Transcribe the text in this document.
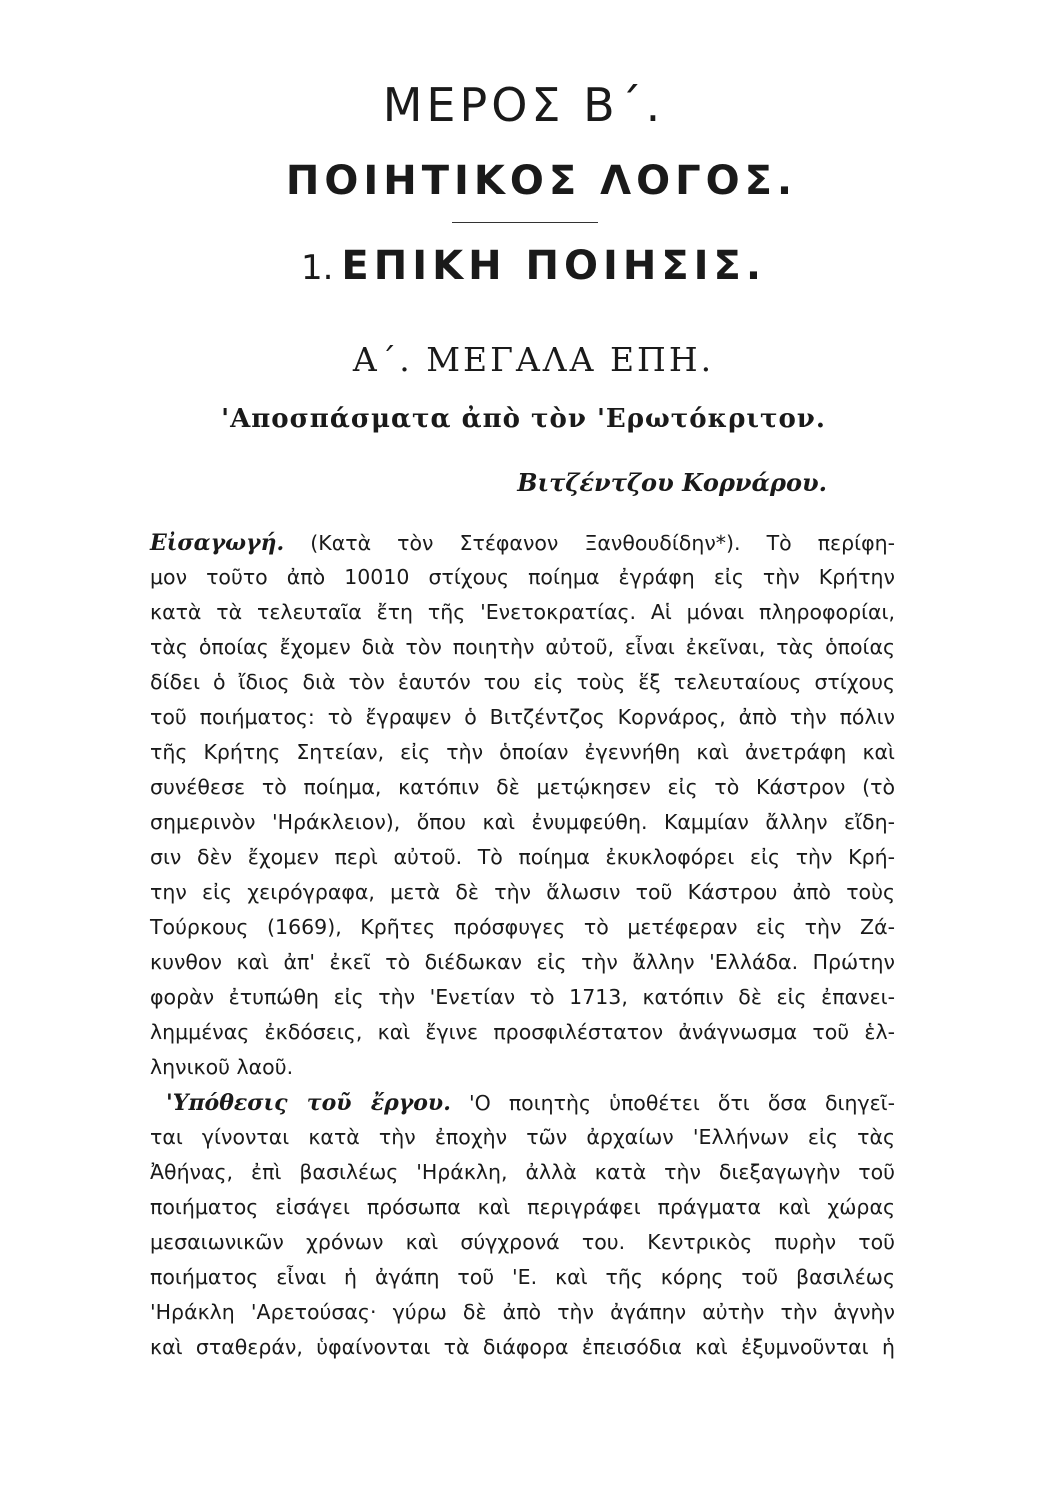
ΜΕΡΟΣ Β΄.
ΠΟΙΗΤΙΚΟΣ ΛΟΓΟΣ.
1. ΕΠΙΚΗ ΠΟΙΗΣΙΣ.
Α΄. ΜΕΓΑΛΑ ΕΠΗ.
'Αποσπάσματα ἀπὸ τὸν 'Ερωτόκριτον.
Βιτζέντζου Κορνάρου.
Εἰσαγωγή. (Κατὰ τὸν Στέφανον Ξανθουδίδην*). Τὸ περίφη-
μον τοῦτο ἀπὸ 10010 στίχους ποίημα ἐγράφη εἰς τὴν Κρήτην
κατὰ τὰ τελευταῖα ἔτη τῆς 'Ενετοκρατίας. Αἱ μόναι πληροφορίαι,
τὰς ὁποίας ἔχομεν διὰ τὸν ποιητὴν αὐτοῦ, εἶναι ἐκεῖναι, τὰς ὁποίας
δίδει ὁ ἴδιος διὰ τὸν ἑαυτόν του εἰς τοὺς ἕξ τελευταίους στίχους
τοῦ ποιήματος: τὸ ἔγραψεν ὁ Βιτζέντζος Κορνάρος, ἀπὸ τὴν πόλιν
τῆς Κρήτης Σητείαν, εἰς τὴν ὁποίαν ἐγεννήθη καὶ ἀνετράφη καὶ
συνέθεσε τὸ ποίημα, κατόπιν δὲ μετῴκησεν εἰς τὸ Κάστρον (τὸ
σημερινὸν 'Ηράκλειον), ὅπου καὶ ἐνυμφεύθη. Καμμίαν ἄλλην εἴδη-
σιν δὲν ἔχομεν περὶ αὐτοῦ. Τὸ ποίημα ἐκυκλοφόρει εἰς τὴν Κρή-
την εἰς χειρόγραφα, μετὰ δὲ τὴν ἅλωσιν τοῦ Κάστρου ἀπὸ τοὺς
Τούρκους (1669), Κρῆτες πρόσφυγες τὸ μετέφεραν εἰς τὴν Ζά-
κυνθον καὶ ἀπ' ἐκεῖ τὸ διέδωκαν εἰς τὴν ἄλλην 'Ελλάδα. Πρώτην
φορὰν ἐτυπώθη εἰς τὴν 'Ενετίαν τὸ 1713, κατόπιν δὲ εἰς ἐπανει-
λημμένας ἐκδόσεις, καὶ ἔγινε προσφιλέστατον ἀνάγνωσμα τοῦ ἑλ-
ληνικοῦ λαοῦ.
'Υπόθεσις τοῦ ἔργου. 'Ο ποιητὴς ὑποθέτει ὅτι ὅσα διηγεῖ-
ται γίνονται κατὰ τὴν ἐποχὴν τῶν ἀρχαίων 'Ελλήνων εἰς τὰς
Ἀθήνας, ἐπὶ βασιλέως 'Ηράκλη, ἀλλὰ κατὰ τὴν διεξαγωγὴν τοῦ
ποιήματος εἰσάγει πρόσωπα καὶ περιγράφει πράγματα καὶ χώρας
μεσαιωνικῶν χρόνων καὶ σύγχρονά του. Κεντρικὸς πυρὴν τοῦ
ποιήματος εἶναι ἡ ἀγάπη τοῦ 'Ε. καὶ τῆς κόρης τοῦ βασιλέως
'Ηράκλη 'Αρετούσας· γύρω δὲ ἀπὸ τὴν ἀγάπην αὐτὴν τὴν ἁγνὴν
καὶ σταθεράν, ὑφαίνονται τὰ διάφορα ἐπεισόδια καὶ ἐξυμνοῦνται ἡ
